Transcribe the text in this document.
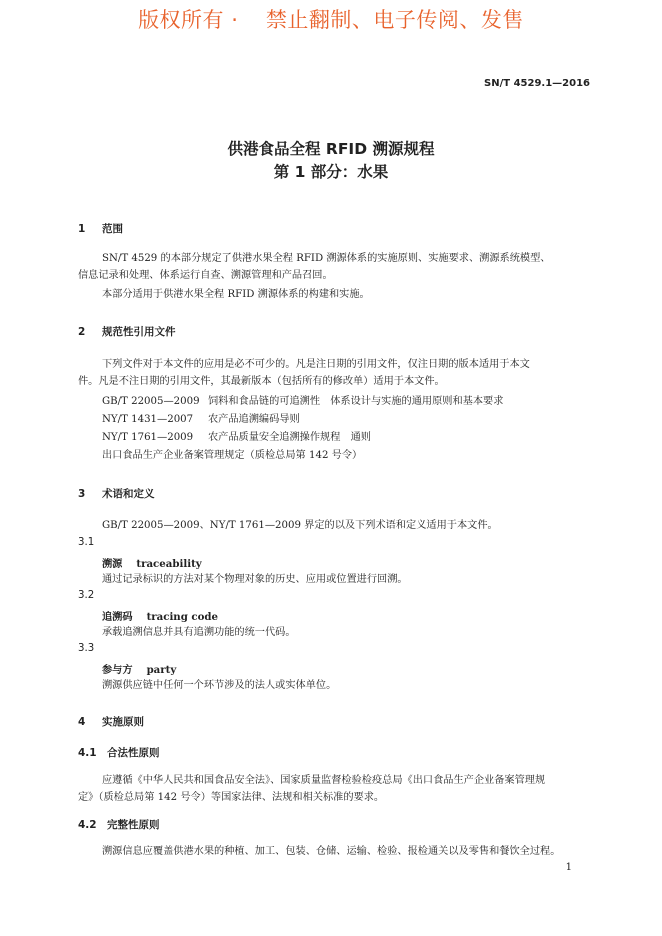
版权所有 ·　 禁止翻制、电子传阅、发售
SN/T 4529.1—2016
供港食品全程 RFID 溯源规程
第 1 部分：水果
1 范围
SN/T 4529 的本部分规定了供港水果全程 RFID 溯源体系的实施原则、实施要求、溯源系统模型、
信息记录和处理、体系运行自查、溯源管理和产品召回。
本部分适用于供港水果全程 RFID 溯源体系的构建和实施。
2 规范性引用文件
下列文件对于本文件的应用是必不可少的。凡是注日期的引用文件，仅注日期的版本适用于本文
件。凡是不注日期的引用文件，其最新版本（包括所有的修改单）适用于本文件。
GB/T 22005—2009 饲料和食品链的可追溯性　体系设计与实施的通用原则和基本要求
NY/T 1431—2007 农产品追溯编码导则
NY/T 1761—2009 农产品质量安全追溯操作规程　通则
出口食品生产企业备案管理规定（质检总局第 142 号令）
3 术语和定义
GB/T 22005—2009、NY/T 1761—2009 界定的以及下列术语和定义适用于本文件。
3.1
溯源 traceability
通过记录标识的方法对某个物理对象的历史、应用或位置进行回溯。
3.2
追溯码 tracing code
承载追溯信息并具有追溯功能的统一代码。
3.3
参与方 party
溯源供应链中任何一个环节涉及的法人或实体单位。
4 实施原则
4.1 合法性原则
应遵循《中华人民共和国食品安全法》、国家质量监督检验检疫总局《出口食品生产企业备案管理规
定》（质检总局第 142 号令）等国家法律、法规和相关标准的要求。
4.2 完整性原则
溯源信息应覆盖供港水果的种植、加工、包装、仓储、运输、检验、报检通关以及零售和餐饮全过程。
1
